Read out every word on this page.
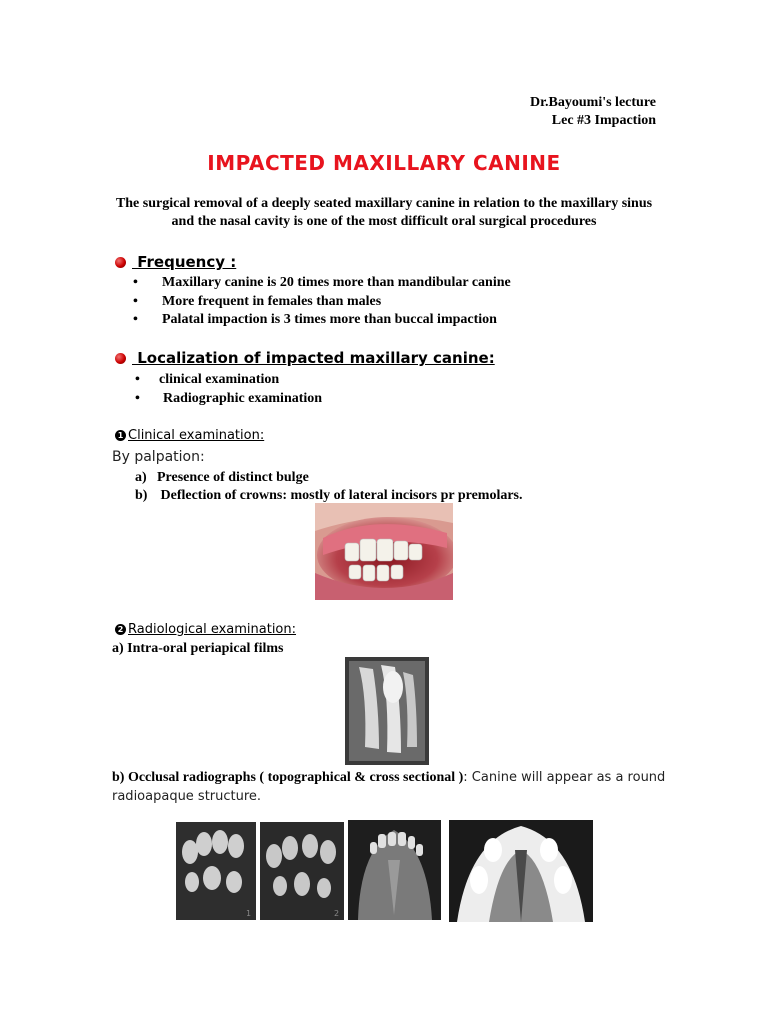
Dr.Bayoumi's lecture
Lec #3 Impaction
IMPACTED MAXILLARY CANINE
The surgical removal of a deeply seated maxillary canine in relation to the maxillary sinus and the nasal cavity is one of the most difficult oral surgical procedures
Frequency :
•	Maxillary canine is 20 times more than mandibular canine
•	More frequent in females than males
•	Palatal impaction is 3 times more than buccal impaction
Localization of impacted maxillary canine:
•	clinical examination
•	Radiographic examination
1 Clinical examination:
By palpation:
a) Presence of distinct bulge
b) Deflection of crowns: mostly of lateral incisors pr premolars.
2 Radiological examination:
a) Intra-oral periapical films
b) Occlusal radiographs ( topographical & cross sectional ): Canine will appear as a round radioapaque structure.
1	2
